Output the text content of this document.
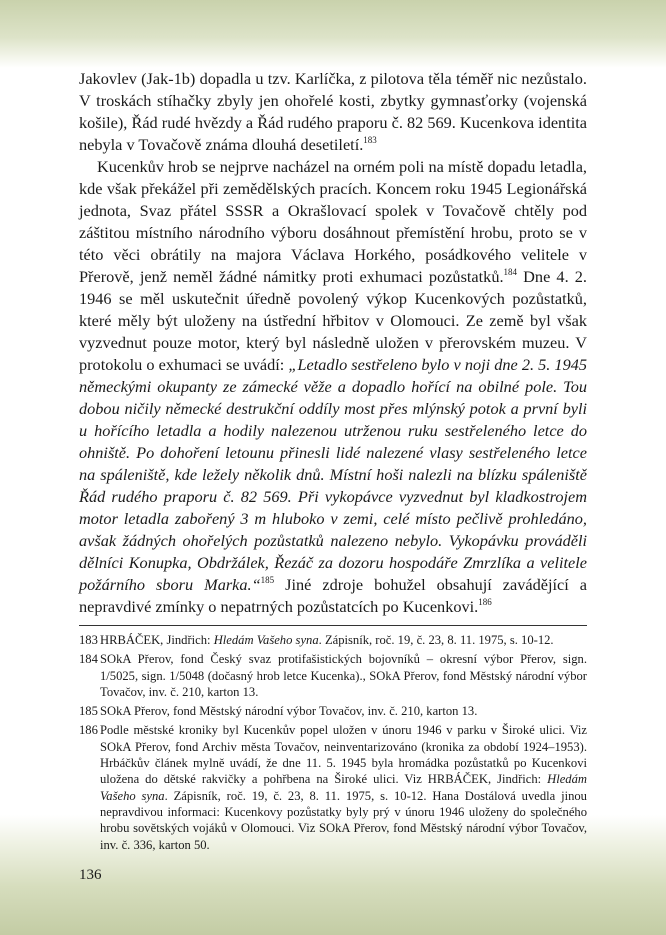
Jakovlev (Jak-1b) dopadla u tzv. Karlíčka, z pilotova těla téměř nic nezůstalo. V troskách stíhačky zbyly jen ohořelé kosti, zbytky gymnasťorky (vojenská košile), Řád rudé hvězdy a Řád rudého praporu č. 82 569. Kucenkova identita nebyla v Tovačově známa dlouhá desetiletí.$^{183}$

Kucenkův hrob se nejprve nacházel na orném poli na místě dopadu letadla, kde však překážel při zemědělských pracích. Koncem roku 1945 Legionářská jednota, Svaz přátel SSSR a Okrašlovací spolek v Tovačově chtěly pod záštitou místního národního výboru dosáhnout přemístění hrobu, proto se v této věci obrátily na majora Václava Horkého, posádkového velitele v Přerově, jenž neměl žádné námitky proti exhumaci pozůstatků.$^{184}$ Dne 4. 2. 1946 se měl uskutečnit úředně povolený výkop Kucenkových pozůstatků, které měly být uloženy na ústřední hřbitov v Olomouci. Ze země byl však vyzvednut pouze motor, který byl následně uložen v přerovském muzeu. V protokolu o exhumaci se uvádí: „Letadlo sestřeleno bylo v noji dne 2. 5. 1945 německými okupanty ze zámecké věže a dopadlo hořící na obilné pole. Tou dobou ničily německé destrukční oddíly most přes mlýnský potok a první byli u hořícího letadla a hodily nalezenou utrženou ruku sestřeleného letce do ohniště. Po dohoření letounu přinesli lidé nalezené vlasy sestřeleného letce na spáleniště, kde ležely několik dnů. Místní hoši nalezli na blízku spáleniště Řád rudého praporu č. 82 569. Při vykopávce vyzvednut byl kladkostrojem motor letadla zabořený 3 m hluboko v zemi, celé místo pečlivě prohledáno, avšak žádných ohořelých pozůstatků nalezeno nebylo. Vykopávku prováděli dělníci Konupka, Obdržálek, Řezáč za dozoru hospodáře Zmrzlíka a velitele požárního sboru Marka.“$^{185}$ Jiné zdroje bohužel obsahují zavádějící a nepravdivé zmínky o nepatrných pozůstatcích po Kucenkovi.$^{186}$

183 HRBÁČEK, Jindřich: Hledám Vašeho syna. Zápisník, roč. 19, č. 23, 8. 11. 1975, s. 10-12.
184 SOkA Přerov, fond Český svaz protifašistických bojovníků – okresní výbor Přerov, sign. 1/5025, sign. 1/5048 (dočasný hrob letce Kucenka)., SOkA Přerov, fond Městský národní výbor Tovačov, inv. č. 210, karton 13.
185 SOkA Přerov, fond Městský národní výbor Tovačov, inv. č. 210, karton 13.
186 Podle městské kroniky byl Kucenkův popel uložen v únoru 1946 v parku v Široké ulici. Viz SOkA Přerov, fond Archiv města Tovačov, neinventarizováno (kronika za období 1924–1953). Hrbáčkův článek mylně uvádí, že dne 11. 5. 1945 byla hromádka pozůstatků po Kucenkovi uložena do dětské rakvičky a pohřbena na Široké ulici. Viz HRBÁČEK, Jindřich: Hledám Vašeho syna. Zápisník, roč. 19, č. 23, 8. 11. 1975, s. 10-12. Hana Dostálová uvedla jinou nepravdivou informaci: Kucenkovy pozůstatky byly prý v únoru 1946 uloženy do společného hrobu sovětských vojáků v Olomouci. Viz SOkA Přerov, fond Městský národní výbor Tovačov, inv. č. 336, karton 50.
136
